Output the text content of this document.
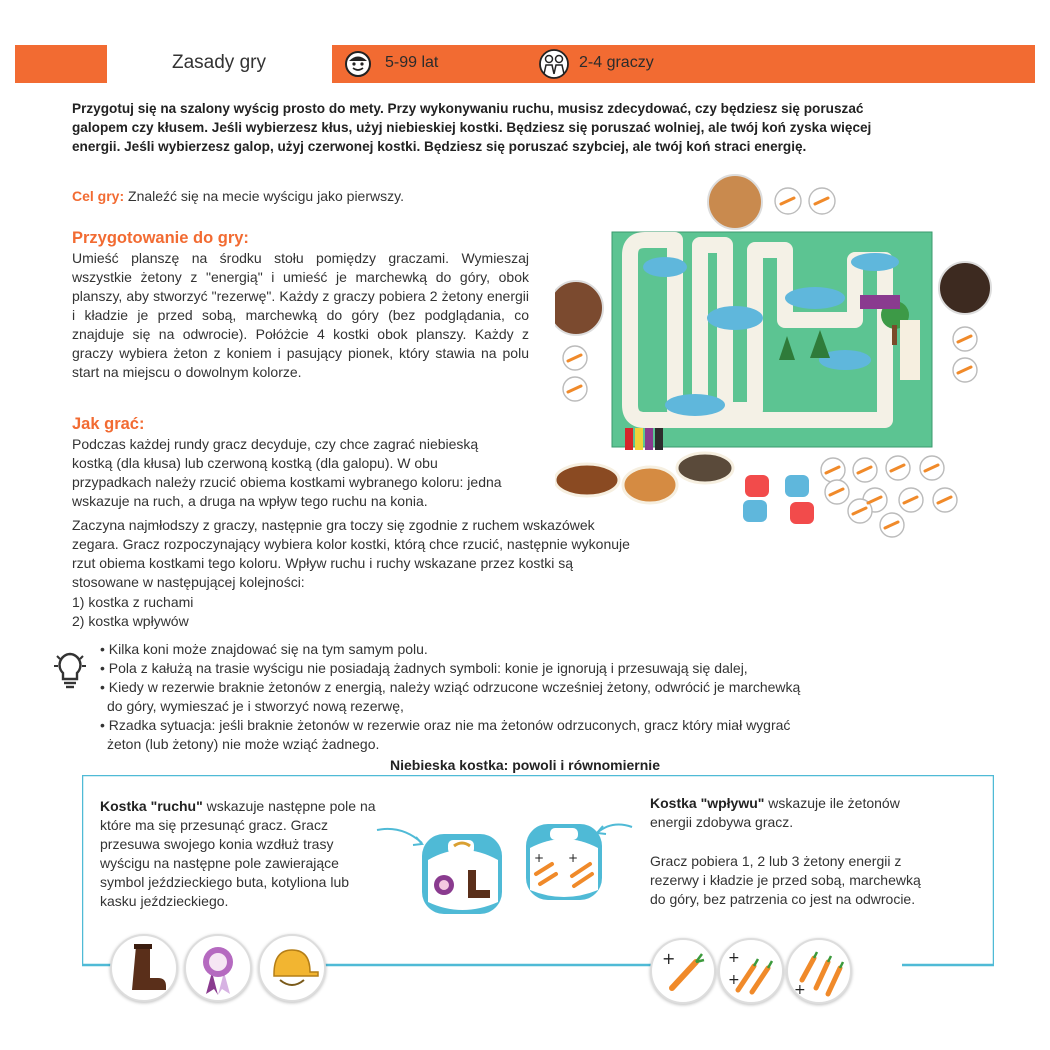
Zasady gry	5-99 lat	2-4 graczy
Przygotuj się na szalony wyścig prosto do mety. Przy wykonywaniu ruchu, musisz zdecydować, czy będziesz się poruszać galopem czy kłusem. Jeśli wybierzesz kłus, użyj niebieskiej kostki. Będziesz się poruszać wolniej, ale twój koń zyska więcej energii. Jeśli wybierzesz galop, użyj czerwonej kostki. Będziesz się poruszać szybciej, ale twój koń straci energię.
Cel gry: Znaleźć się na mecie wyścigu jako pierwszy.
Przygotowanie do gry:
Umieść planszę na środku stołu pomiędzy graczami. Wymieszaj wszystkie żetony z "energią" i umieść je marchewką do góry, obok planszy, aby stworzyć "rezerwę". Każdy z graczy pobiera 2 żetony energii i kładzie je przed sobą, marchewką do góry (bez podglądania, co znajduje się na odwrocie). Połóżcie 4 kostki obok planszy. Każdy z graczy wybiera żeton z koniem i pasujący pionek, który stawia na polu start na miejscu o dowolnym kolorze.
Jak grać:
Podczas każdej rundy gracz decyduje, czy chce zagrać niebieską kostką (dla kłusa) lub czerwoną kostką (dla galopu). W obu przypadkach należy rzucić obiema kostkami wybranego koloru: jedna wskazuje na ruch, a druga na wpływ tego ruchu na konia.
Zaczyna najmłodszy z graczy, następnie gra toczy się zgodnie z ruchem wskazówek zegara. Gracz rozpoczynający wybiera kolor kostki, którą chce rzucić, następnie wykonuje rzut obiema kostkami tego koloru. Wpływ ruchu i ruchy wskazane przez kostki są stosowane w następującej kolejności:
1) kostka z ruchami
2) kostka wpływów
• Kilka koni może znajdować się na tym samym polu.
• Pola z kałużą na trasie wyścigu nie posiadają żadnych symboli: konie je ignorują i przesuwają się dalej,
• Kiedy w rezerwie braknie żetonów z energią, należy wziąć odrzucone wcześniej żetony, odwrócić je marchewką
do góry, wymieszać je i stworzyć nową rezerwę,
• Rzadka sytuacja: jeśli braknie żetonów w rezerwie oraz nie ma żetonów odrzuconych, gracz który miał wygrać
żeton (lub żetony) nie może wziąć żadnego.
Niebieska kostka: powoli i równomiernie
Kostka "ruchu" wskazuje następne pole na które ma się przesunąć gracz. Gracz przesuwa swojego konia wzdłuż trasy wyścigu na następne pole zawierające symbol jeździeckiego buta, kotyliona lub kasku jeździeckiego.
Kostka "wpływu" wskazuje ile żetonów energii zdobywa gracz.
Gracz pobiera 1, 2 lub 3 żetony energii z rezerwy i kładzie je przed sobą, marchewką do góry, bez patrzenia co jest na odwrocie.
+ +
+	+
+
+
